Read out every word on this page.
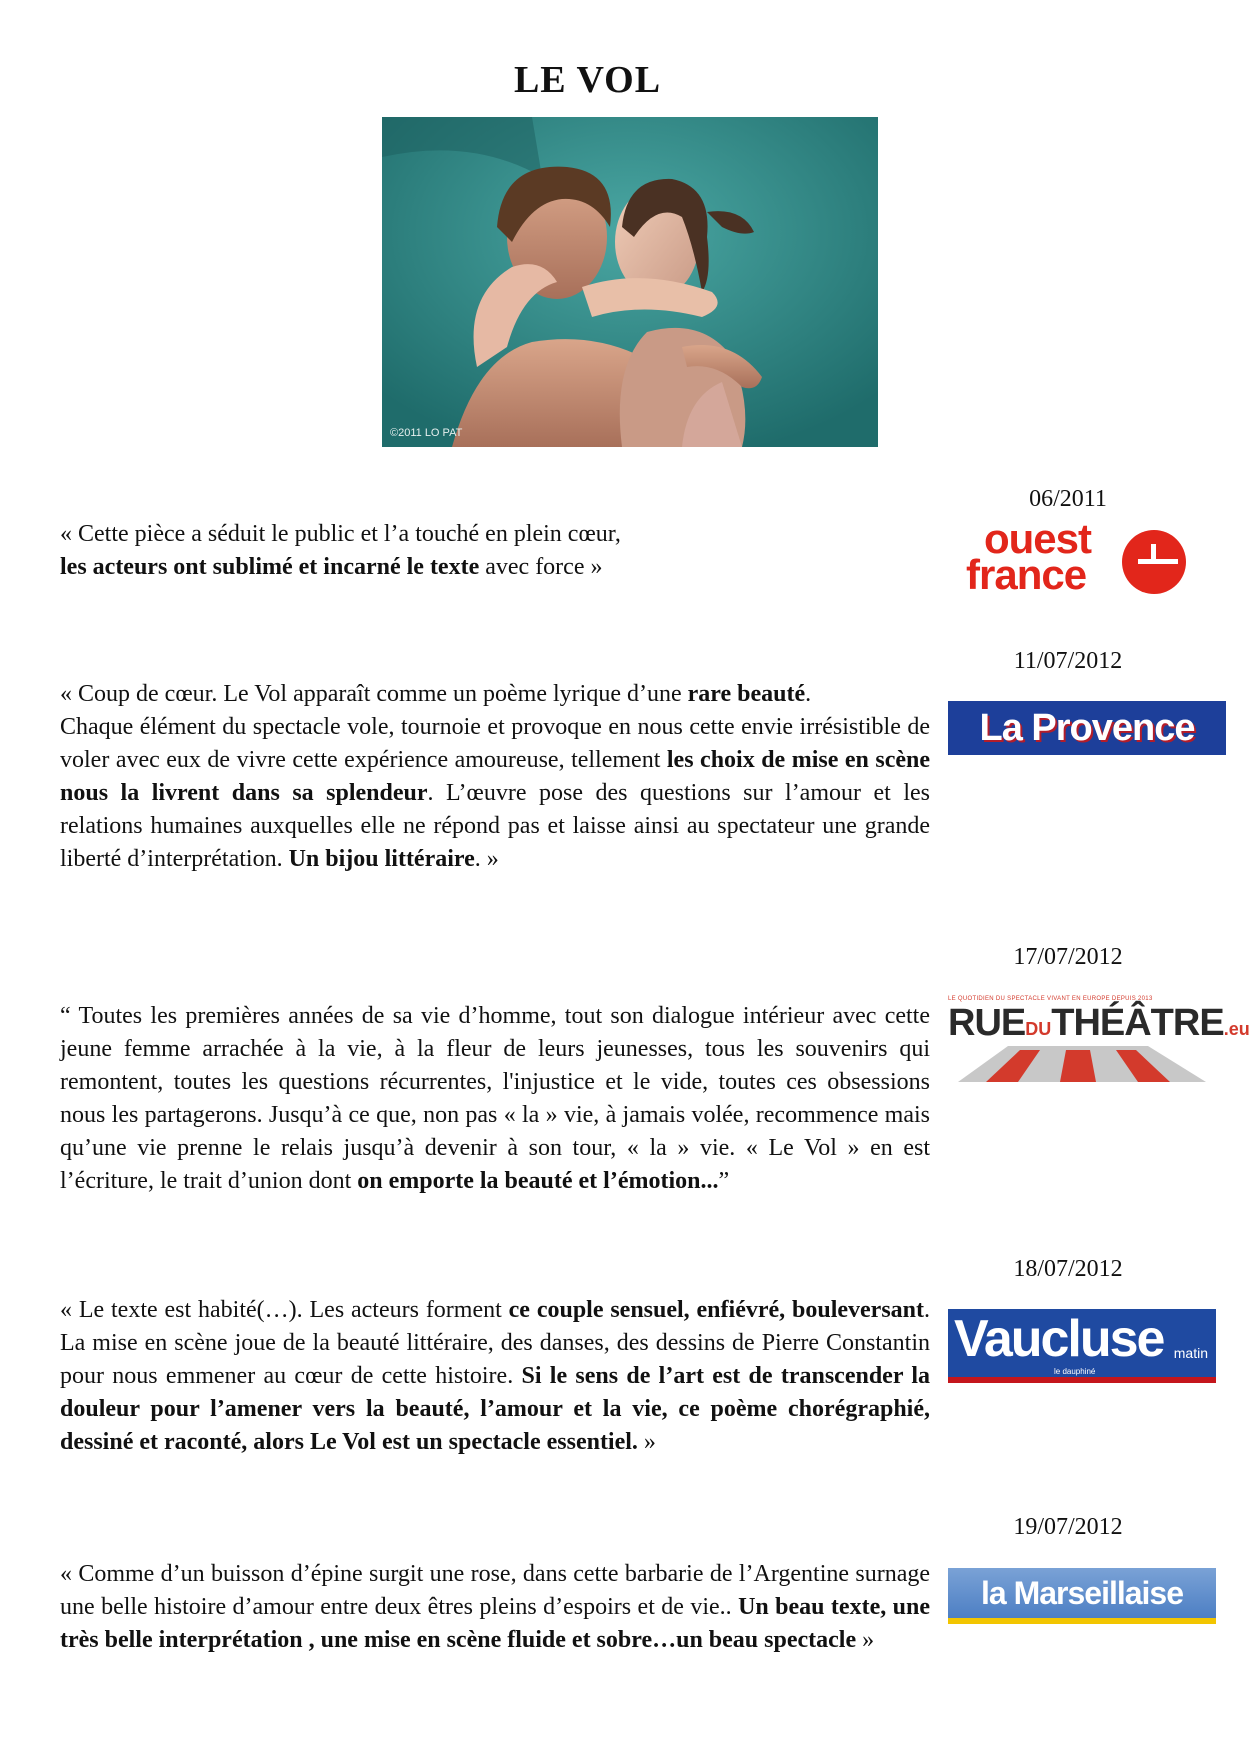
LE VOL
©2011 LO PAT
06/2011
ouest
france

« Cette pièce a séduit le public et l’a touché en plein cœur,
les acteurs ont sublimé et incarné le texte avec force »

11/07/2012
La Provence

« Coup de cœur. Le Vol apparaît comme un poème lyrique d’une rare beauté.
Chaque élément du spectacle vole, tournoie et provoque en nous cette envie irrésistible de voler avec eux de vivre cette expérience amoureuse, tellement les choix de mise en scène nous la livrent dans sa splendeur. L’œuvre pose des questions sur l’amour et les relations humaines auxquelles elle ne répond pas et laisse ainsi au spectateur une grande liberté d’interprétation. Un bijou littéraire. »

17/07/2012
LE QUOTIDIEN DU SPECTACLE VIVANT EN EUROPE DEPUIS 2013
RUEDUTHÉÂTRE.eu

“ Toutes les premières années de sa vie d’homme, tout son dialogue intérieur avec cette jeune femme arrachée à la vie, à la fleur de leurs jeunesses, tous les souvenirs qui remontent, toutes les questions récurrentes, l'injustice et le vide, toutes ces obsessions nous les partagerons. Jusqu’à ce que, non pas « la » vie, à jamais volée, recommence mais qu’une vie prenne le relais jusqu’à devenir à son tour, « la » vie. « Le Vol » en est l’écriture, le trait d’union dont on emporte la beauté et l’émotion...”

18/07/2012
Vaucluse matin
le dauphiné

« Le texte est habité(…). Les acteurs forment ce couple sensuel, enfiévré, bouleversant. La mise en scène joue de la beauté littéraire, des danses, des dessins de Pierre Constantin pour nous emmener au cœur de cette histoire. Si le sens de l’art est de transcender la douleur pour l’amener vers la beauté, l’amour et la vie, ce poème chorégraphié, dessiné et raconté, alors Le Vol est un spectacle essentiel. »

19/07/2012
la Marseillaise

« Comme d’un buisson d’épine surgit une rose, dans cette barbarie de l’Argentine surnage une belle histoire d’amour entre deux êtres pleins d’espoirs et de vie.. Un beau texte, une très belle interprétation , une mise en scène fluide et sobre…un beau spectacle »
